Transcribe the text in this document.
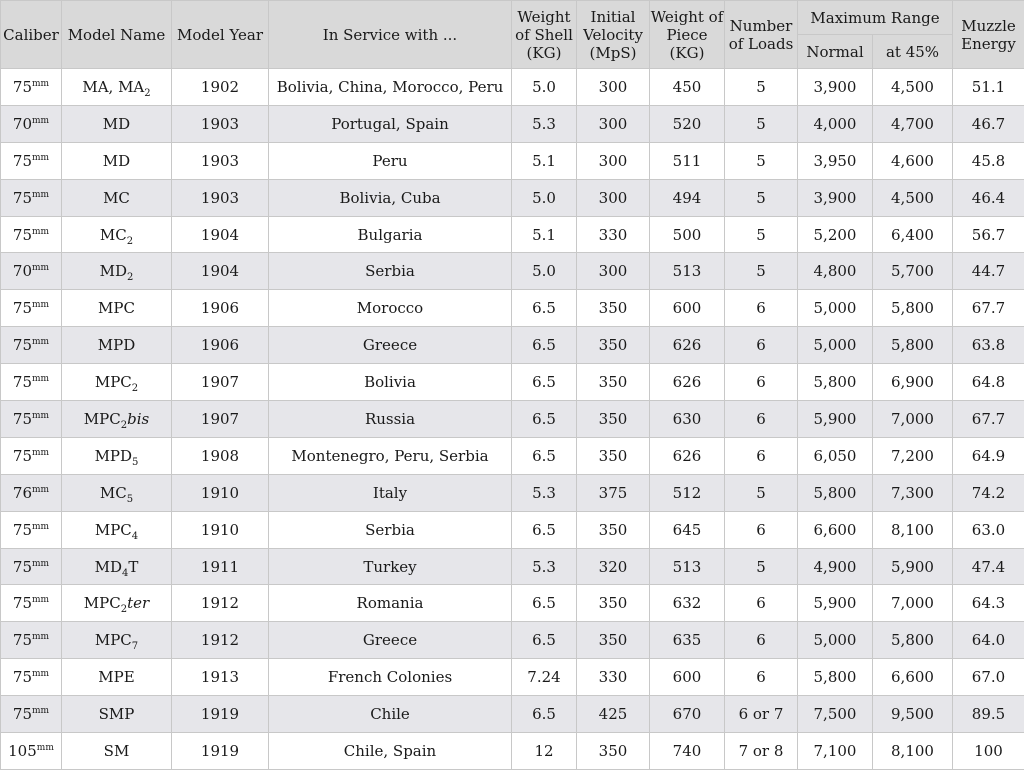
Caliber	Model Name	Model Year	In Service with ...	Weight of Shell (KG)	Initial Velocity (MpS)	Weight of Piece (KG)	Number of Loads	Maximum Range		Muzzle Energy
								Normal	at 45%	
$75^{mm}$	MA, $MA_2$	1902	Bolivia, China, Morocco, Peru	5.0	300	450	5	3,900	4,500	51.1
$70^{mm}$	MD	1903	Portugal, Spain	5.3	300	520	5	4,000	4,700	46.7
$75^{mm}$	MD	1903	Peru	5.1	300	511	5	3,950	4,600	45.8
$75^{mm}$	MC	1903	Bolivia, Cuba	5.0	300	494	5	3,900	4,500	46.4
$75^{mm}$	$MC_2$	1904	Bulgaria	5.1	330	500	5	5,200	6,400	56.7
$70^{mm}$	$MD_2$	1904	Serbia	5.0	300	513	5	4,800	5,700	44.7
$75^{mm}$	MPC	1906	Morocco	6.5	350	600	6	5,000	5,800	67.7
$75^{mm}$	MPD	1906	Greece	6.5	350	626	6	5,000	5,800	63.8
$75^{mm}$	$MPC_2$	1907	Bolivia	6.5	350	626	6	5,800	6,900	64.8
$75^{mm}$	$MPC_2bis$	1907	Russia	6.5	350	630	6	5,900	7,000	67.7
$75^{mm}$	$MPD_5$	1908	Montenegro, Peru, Serbia	6.5	350	626	6	6,050	7,200	64.9
$76^{mm}$	$MC_5$	1910	Italy	5.3	375	512	5	5,800	7,300	74.2
$75^{mm}$	$MPC_4$	1910	Serbia	6.5	350	645	6	6,600	8,100	63.0
$75^{mm}$	$MD_4T$	1911	Turkey	5.3	320	513	5	4,900	5,900	47.4
$75^{mm}$	$MPC_2ter$	1912	Romania	6.5	350	632	6	5,900	7,000	64.3
$75^{mm}$	$MPC_7$	1912	Greece	6.5	350	635	6	5,000	5,800	64.0
$75^{mm}$	MPE	1913	French Colonies	7.24	330	600	6	5,800	6,600	67.0
$75^{mm}$	SMP	1919	Chile	6.5	425	670	6 or 7	7,500	9,500	89.5
$105^{mm}$	SM	1919	Chile, Spain	12	350	740	7 or 8	7,100	8,100	100
